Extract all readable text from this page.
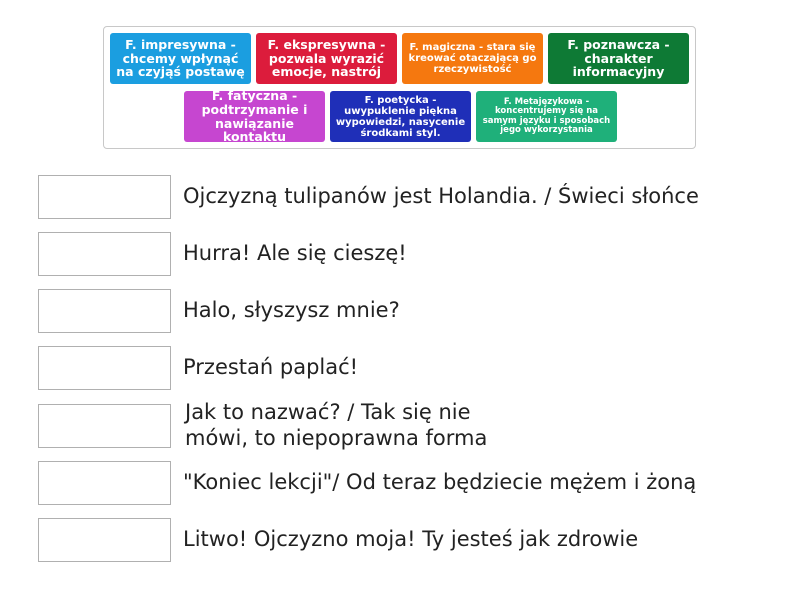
F. impresywna -chcemy wpłynąć na czyjąś postawę
F. ekspresywna -pozwala wyrazić emocje, nastrój
F. magiczna - stara się kreować otaczającą go rzeczywistość
F. poznawcza - charakter informacyjny
F. fatyczna - podtrzymanie i nawiązanie kontaktu
F. poetycka - uwypuklenie piękna wypowiedzi, nasycenie środkami styl.
F. Metajęzykowa - koncentrujemy się na samym języku i sposobach jego wykorzystania
Ojczyzną tulipanów jest Holandia. / Świeci słońce
Hurra! Ale się cieszę!
Halo, słyszysz mnie?
Przestań paplać!
Jak to nazwać? / Tak się nie mówi, to niepoprawna forma
"Koniec lekcji"/ Od teraz będziecie mężem i żoną
Litwo! Ojczyzno moja! Ty jesteś jak zdrowie
